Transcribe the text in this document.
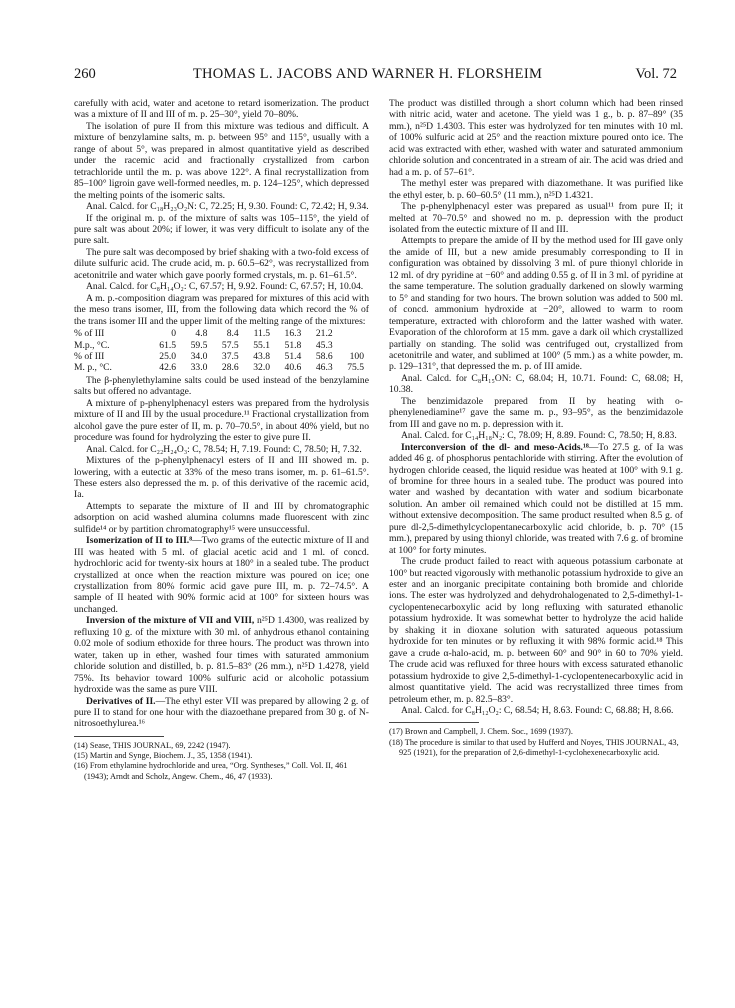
260	THOMAS L. JACOBS AND WARNER H. FLORSHEIM	Vol. 72

carefully with acid, water and acetone to retard isomerization. The product was a mixture of II and III of m. p. 25–30°, yield 70–80%.

The isolation of pure II from this mixture was tedious and difficult. A mixture of benzylamine salts, m. p. between 95° and 115°, usually with a range of about 5°, was prepared in almost quantitative yield as described under the racemic acid and fractionally crystallized from carbon tetrachloride until the m. p. was above 122°. A final recrystallization from 85–100° ligroin gave well-formed needles, m. p. 124–125°, which depressed the melting points of the isomeric salts.

Anal. Calcd. for C₁₈H₂₃O₂N: C, 72.25; H, 9.30. Found: C, 72.42; H, 9.34.

If the original m. p. of the mixture of salts was 105–115°, the yield of pure salt was about 20%; if lower, it was very difficult to isolate any of the pure salt.

The pure salt was decomposed by brief shaking with a two-fold excess of dilute sulfuric acid. The crude acid, m. p. 60.5–62°, was recrystallized from acetonitrile and water which gave poorly formed crystals, m. p. 61–61.5°.

Anal. Calcd. for C₈H₁₄O₂: C, 67.57; H, 9.92. Found: C, 67.57; H, 10.04.

A m. p.-composition diagram was prepared for mixtures of this acid with the meso trans isomer, III, from the following data which record the % of the trans isomer III and the upper limit of the melting range of the mixtures:

% of III	0	4.8	8.4	11.5	16.3	21.2	
M.p., °C.	61.5	59.5	57.5	55.1	51.8	45.3	
% of III	25.0	34.0	37.5	43.8	51.4	58.6	100
M. p., °C.	42.6	33.0	28.6	32.0	40.6	46.3	75.5

The β-phenylethylamine salts could be used instead of the benzylamine salts but offered no advantage.

A mixture of p-phenylphenacyl esters was prepared from the hydrolysis mixture of II and III by the usual procedure.¹¹ Fractional crystallization from alcohol gave the pure ester of II, m. p. 70–70.5°, in about 40% yield, but no procedure was found for hydrolyzing the ester to give pure II.

Anal. Calcd. for C₂₂H₂₄O₃: C, 78.54; H, 7.19. Found: C, 78.50; H, 7.32.

Mixtures of the p-phenylphenacyl esters of II and III showed m. p. lowering, with a eutectic at 33% of the meso trans isomer, m. p. 61–61.5°. These esters also depressed the m. p. of this derivative of the racemic acid, Ia.

Attempts to separate the mixture of II and III by chromatographic adsorption on acid washed alumina columns made fluorescent with zinc sulfide¹⁴ or by partition chromatography¹⁵ were unsuccessful.

Isomerization of II to III.⁸—Two grams of the eutectic mixture of II and III was heated with 5 ml. of glacial acetic acid and 1 ml. of concd. hydrochloric acid for twenty-six hours at 180° in a sealed tube. The product crystallized at once when the reaction mixture was poured on ice; one crystallization from 80% formic acid gave pure III, m. p. 72–74.5°. A sample of II heated with 90% formic acid at 100° for sixteen hours was unchanged.

Inversion of the mixture of VII and VIII, n²⁵D 1.4300, was realized by refluxing 10 g. of the mixture with 30 ml. of anhydrous ethanol containing 0.02 mole of sodium ethoxide for three hours. The product was thrown into water, taken up in ether, washed four times with saturated ammonium chloride solution and distilled, b. p. 81.5–83° (26 mm.), n²⁵D 1.4278, yield 75%. Its behavior toward 100% sulfuric acid or alcoholic potassium hydroxide was the same as pure VIII.

Derivatives of II.—The ethyl ester VII was prepared by allowing 2 g. of pure II to stand for one hour with the diazoethane prepared from 30 g. of N-nitrosoethylurea.¹⁶

(14) Sease, THIS JOURNAL, 69, 2242 (1947).

(15) Martin and Synge, Biochem. J., 35, 1358 (1941).

(16) From ethylamine hydrochloride and urea, “Org. Syntheses,” Coll. Vol. II, 461 (1943); Arndt and Scholz, Angew. Chem., 46, 47 (1933).

The product was distilled through a short column which had been rinsed with nitric acid, water and acetone. The yield was 1 g., b. p. 87–89° (35 mm.), n²⁵D 1.4303. This ester was hydrolyzed for ten minutes with 10 ml. of 100% sulfuric acid at 25° and the reaction mixture poured onto ice. The acid was extracted with ether, washed with water and saturated ammonium chloride solution and concentrated in a stream of air. The acid was dried and had a m. p. of 57–61°.

The methyl ester was prepared with diazomethane. It was purified like the ethyl ester, b. p. 60–60.5° (11 mm.), n²⁵D 1.4321.

The p-phenylphenacyl ester was prepared as usual¹¹ from pure II; it melted at 70–70.5° and showed no m. p. depression with the product isolated from the eutectic mixture of II and III.

Attempts to prepare the amide of II by the method used for III gave only the amide of III, but a new amide presumably corresponding to II in configuration was obtained by dissolving 3 ml. of pure thionyl chloride in 12 ml. of dry pyridine at −60° and adding 0.55 g. of II in 3 ml. of pyridine at the same temperature. The solution gradually darkened on slowly warming to 5° and standing for two hours. The brown solution was added to 500 ml. of concd. ammonium hydroxide at −20°, allowed to warm to room temperature, extracted with chloroform and the latter washed with water. Evaporation of the chloroform at 15 mm. gave a dark oil which crystallized partially on standing. The solid was centrifuged out, crystallized from acetonitrile and water, and sublimed at 100° (5 mm.) as a white powder, m. p. 129–131°, that depressed the m. p. of III amide.

Anal. Calcd. for C₈H₁₅ON: C, 68.04; H, 10.71. Found: C, 68.08; H, 10.38.

The benzimidazole prepared from II by heating with o-phenylenediamine¹⁷ gave the same m. p., 93–95°, as the benzimidazole from III and gave no m. p. depression with it.

Anal. Calcd. for C₁₄H₁₈N₂: C, 78.09; H, 8.89. Found: C, 78.50; H, 8.83.

Interconversion of the dl- and meso-Acids.¹⁸—To 27.5 g. of Ia was added 46 g. of phosphorus pentachloride with stirring. After the evolution of hydrogen chloride ceased, the liquid residue was heated at 100° with 9.1 g. of bromine for three hours in a sealed tube. The product was poured into water and washed by decantation with water and sodium bicarbonate solution. An amber oil remained which could not be distilled at 15 mm. without extensive decomposition. The same product resulted when 8.5 g. of pure dl-2,5-dimethylcyclopentanecarboxylic acid chloride, b. p. 70° (15 mm.), prepared by using thionyl chloride, was treated with 7.6 g. of bromine at 100° for forty minutes.

The crude product failed to react with aqueous potassium carbonate at 100° but reacted vigorously with methanolic potassium hydroxide to give an ester and an inorganic precipitate containing both bromide and chloride ions. The ester was hydrolyzed and dehydrohalogenated to 2,5-dimethyl-1-cyclopentenecarboxylic acid by long refluxing with saturated ethanolic potassium hydroxide. It was somewhat better to hydrolyze the acid halide by shaking it in dioxane solution with saturated aqueous potassium hydroxide for ten minutes or by refluxing it with 98% formic acid.¹⁸ This gave a crude α-halo-acid, m. p. between 60° and 90° in 60 to 70% yield. The crude acid was refluxed for three hours with excess saturated ethanolic potassium hydroxide to give 2,5-dimethyl-1-cyclopentenecarboxylic acid in almost quantitative yield. The acid was recrystallized three times from petroleum ether, m. p. 82.5–83°.

Anal. Calcd. for C₈H₁₂O₂: C, 68.54; H, 8.63. Found: C, 68.88; H, 8.66.

(17) Brown and Campbell, J. Chem. Soc., 1699 (1937).

(18) The procedure is similar to that used by Hufferd and Noyes, THIS JOURNAL, 43, 925 (1921), for the preparation of 2,6-dimethyl-1-cyclohexenecarboxylic acid.
